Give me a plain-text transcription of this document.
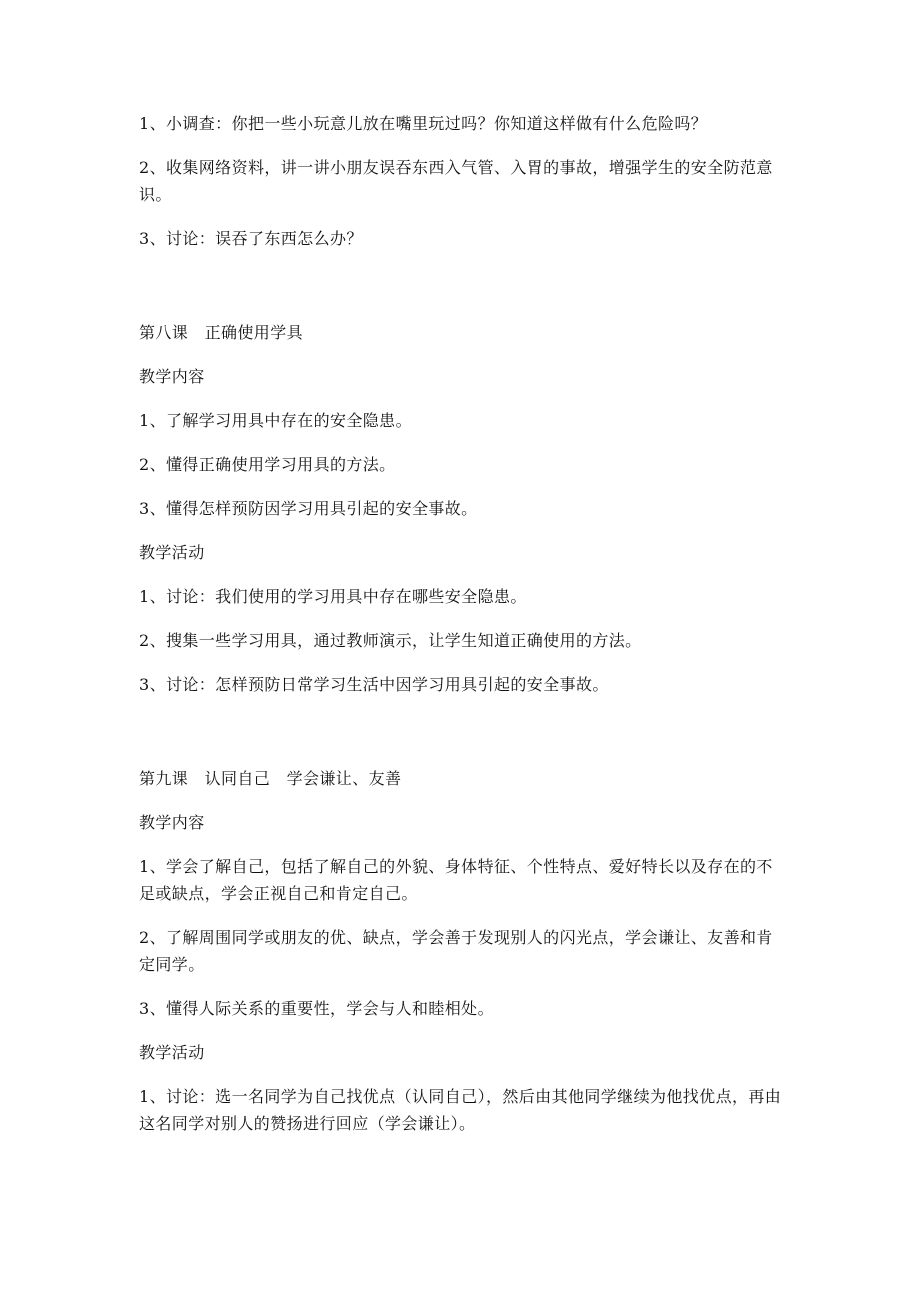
1、小调查：你把一些小玩意儿放在嘴里玩过吗？你知道这样做有什么危险吗？

2、收集网络资料，讲一讲小朋友误吞东西入气管、入胃的事故，增强学生的安全防范意识。

3、讨论：误吞了东西怎么办？

第八课　正确使用学具

教学内容

1、了解学习用具中存在的安全隐患。

2、懂得正确使用学习用具的方法。

3、懂得怎样预防因学习用具引起的安全事故。

教学活动

1、讨论：我们使用的学习用具中存在哪些安全隐患。

2、搜集一些学习用具，通过教师演示，让学生知道正确使用的方法。

3、讨论：怎样预防日常学习生活中因学习用具引起的安全事故。

第九课　认同自己　学会谦让、友善

教学内容

1、学会了解自己，包括了解自己的外貌、身体特征、个性特点、爱好特长以及存在的不足或缺点，学会正视自己和肯定自己。

2、了解周围同学或朋友的优、缺点，学会善于发现别人的闪光点，学会谦让、友善和肯定同学。

3、懂得人际关系的重要性，学会与人和睦相处。

教学活动

1、讨论：选一名同学为自己找优点（认同自己），然后由其他同学继续为他找优点，再由这名同学对别人的赞扬进行回应（学会谦让）。
